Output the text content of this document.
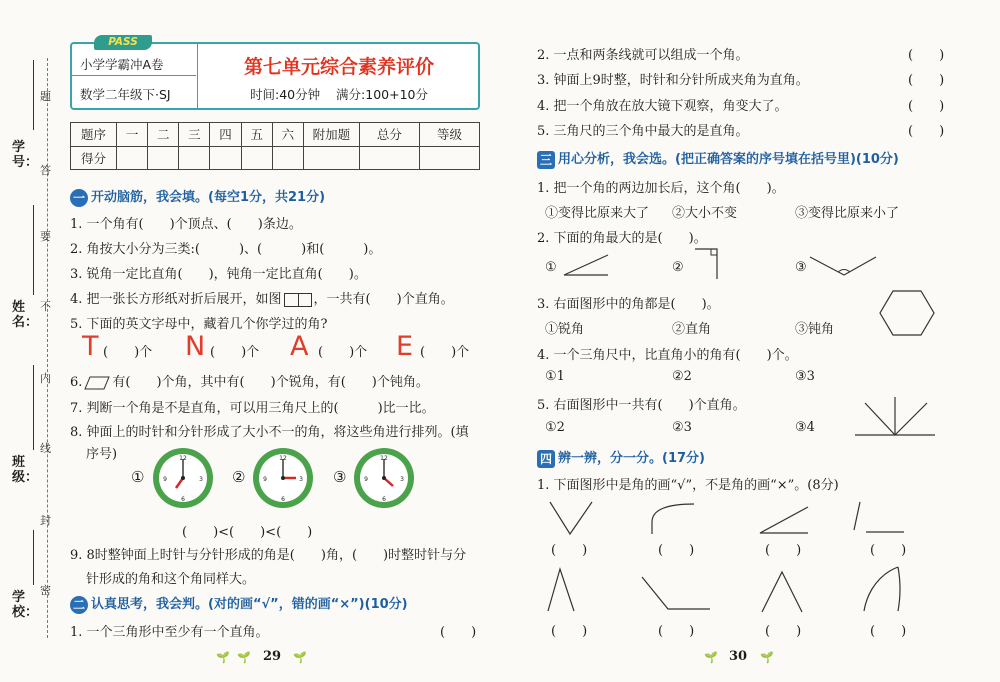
学号：
姓名：
班级：
学校：
题
答
要
不
内
线
封
密
PASS
小学学霸冲A卷
数学二年级下·SJ
第七单元综合素养评价
时间:40分钟 满分:100+10分
题序	一	二	三	四	五	六	附加题	总分	等级
得分									
一 开动脑筋，我会填。(每空1分，共21分)
1. 一个角有(　　)个顶点、(　　)条边。
2. 角按大小分为三类:(　　　)、(　　　)和(　　　)。
3. 锐角一定比直角(　　)，钝角一定比直角(　　)。
4. 把一张长方形纸对折后展开，如图 ，一共有(　　)个直角。
5. 下面的英文字母中，藏着几个你学过的角?
T (　　)个 N (　　)个 A (　　)个 E (　　)个
6. 有(　　)个角，其中有(　　)个锐角，有(　　)个钝角。
7. 判断一个角是不是直角，可以用三角尺上的(　　　)比一比。
8. 钟面上的时针和分针形成了大小不一的角，将这些角进行排列。(填
序号)
①
12
3
6
9	②
12
3
6
9	③
12
3
6
9
(　　)<(　　)<(　　)
9. 8时整钟面上时针与分针形成的角是(　　)角，(　　)时整时针与分
针形成的角和这个角同样大。
二 认真思考，我会判。(对的画“√”，错的画“×”)(10分)
1. 一个三角形中至少有一个直角。	(　　)
🌱 🌱 29 🌱
2. 一点和两条线就可以组成一个角。	(　　)
3. 钟面上9时整，时针和分针所成夹角为直角。	(　　)
4. 把一个角放在放大镜下观察，角变大了。	(　　)
5. 三角尺的三个角中最大的是直角。	(　　)
三 用心分析，我会选。(把正确答案的序号填在括号里)(10分)
1. 把一个角的两边加长后，这个角(　　)。
①变得比原来大了 ②大小不变	③变得比原来小了
2. 下面的角最大的是(　　)。
①	②	③
3. 右面图形中的角都是(　　)。
①锐角	②直角	③钝角
4. 一个三角尺中，比直角小的角有(　　)个。
①1	②2	③3
5. 右面图形中一共有(　　)个直角。
①2	②3	③4
四 辨一辨，分一分。(17分)
1. 下面图形中是角的画“√”，不是角的画“×”。(8分)
(　　)	(　　)	(　　)	(　　)
(　　)	(　　)	(　　)	(　　)
🌱 30 🌱
